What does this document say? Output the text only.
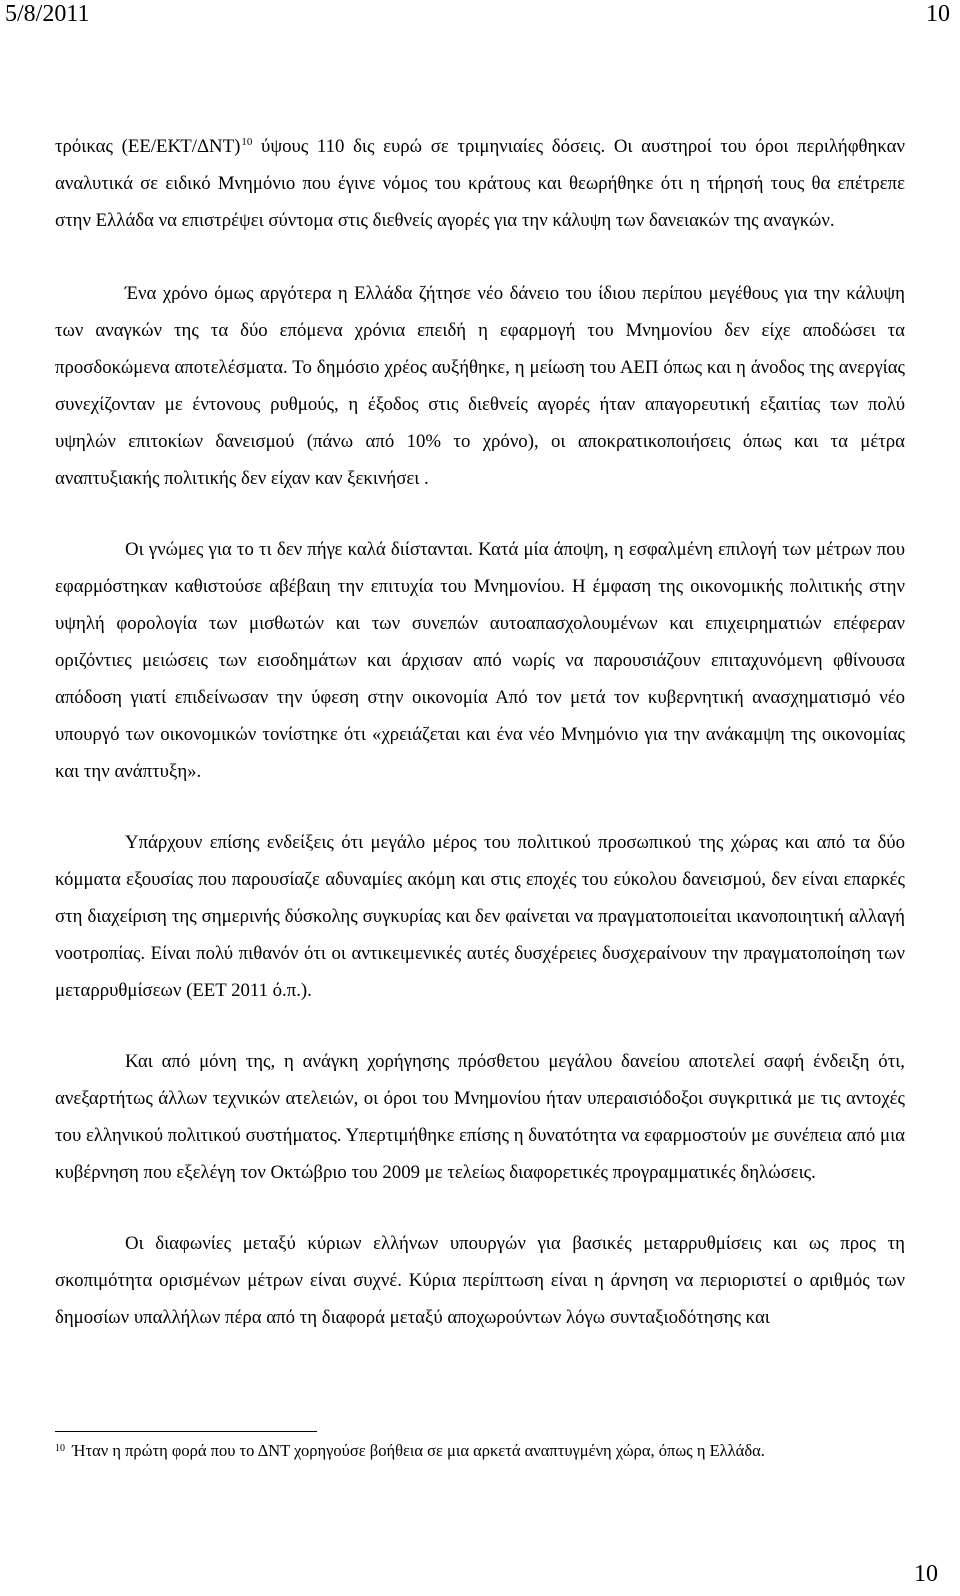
5/8/2011	10

τρόικας $(EE/EKT/\Delta NT)^{10}$ ύψους 110 δις ευρώ σε τριμηνιαίες δόσεις. Οι αυστηροί του όροι περιλήφθηκαν αναλυτικά σε ειδικό Μνημόνιο που έγινε νόμος του κράτους και θεωρήθηκε ότι η τήρησή τους θα επέτρεπε στην Ελλάδα να επιστρέψει σύντομα στις διεθνείς αγορές για την κάλυψη των δανειακών της αναγκών.

Ένα χρόνο όμως αργότερα η Ελλάδα ζήτησε νέο δάνειο του ίδιου περίπου μεγέθους για την κάλυψη των αναγκών της τα δύο επόμενα χρόνια επειδή η εφαρμογή του Μνημονίου δεν είχε αποδώσει τα προσδοκώμενα αποτελέσματα. Το δημόσιο χρέος αυξήθηκε, η μείωση του ΑΕΠ όπως και η άνοδος της ανεργίας συνεχίζονταν με έντονους ρυθμούς, η έξοδος στις διεθνείς αγορές ήταν απαγορευτική εξαιτίας των πολύ υψηλών επιτοκίων δανεισμού (πάνω από 10% το χρόνο), οι αποκρατικοποιήσεις όπως και τα μέτρα αναπτυξιακής πολιτικής δεν είχαν καν ξεκινήσει .

Οι γνώμες για το τι δεν πήγε καλά διίστανται. Κατά μία άποψη, η εσφαλμένη επιλογή των μέτρων που εφαρμόστηκαν καθιστούσε αβέβαιη την επιτυχία του Μνημονίου. Η έμφαση της οικονομικής πολιτικής στην υψηλή φορολογία των μισθωτών και των συνεπών αυτοαπασχολουμένων και επιχειρηματιών επέφεραν οριζόντιες μειώσεις των εισοδημάτων και άρχισαν από νωρίς να παρουσιάζουν επιταχυνόμενη φθίνουσα απόδοση γιατί επιδείνωσαν την ύφεση στην οικονομία Από τον μετά τον κυβερνητική ανασχηματισμό νέο υπουργό των οικονομικών τονίστηκε ότι «χρειάζεται και ένα νέο Μνημόνιο για την ανάκαμψη της οικονομίας και την ανάπτυξη».

Υπάρχουν επίσης ενδείξεις ότι μεγάλο μέρος του πολιτικού προσωπικού της χώρας και από τα δύο κόμματα εξουσίας που παρουσίαζε αδυναμίες ακόμη και στις εποχές του εύκολου δανεισμού, δεν είναι επαρκές στη διαχείριση της σημερινής δύσκολης συγκυρίας και δεν φαίνεται να πραγματοποιείται ικανοποιητική αλλαγή νοοτροπίας. Είναι πολύ πιθανόν ότι οι αντικειμενικές αυτές δυσχέρειες δυσχεραίνουν την πραγματοποίηση των μεταρρυθμίσεων (ΕΕΤ 2011 ό.π.).

Και από μόνη της, η ανάγκη χορήγησης πρόσθετου μεγάλου δανείου αποτελεί σαφή ένδειξη ότι, ανεξαρτήτως άλλων τεχνικών ατελειών, οι όροι του Μνημονίου ήταν υπεραισιόδοξοι συγκριτικά με τις αντοχές του ελληνικού πολιτικού συστήματος. Υπερτιμήθηκε επίσης η δυνατότητα να εφαρμοστούν με συνέπεια από μια κυβέρνηση που εξελέγη τον Οκτώβριο του 2009 με τελείως διαφορετικές προγραμματικές δηλώσεις.

Οι διαφωνίες μεταξύ κύριων ελλήνων υπουργών για βασικές μεταρρυθμίσεις και ως προς τη σκοπιμότητα ορισμένων μέτρων είναι συχνέ. Κύρια περίπτωση είναι η άρνηση να περιοριστεί ο αριθμός των δημοσίων υπαλλήλων πέρα από τη διαφορά μεταξύ αποχωρούντων λόγω συνταξιοδότησης και

$^{10}$ Ήταν η πρώτη φορά που το ΔΝΤ χορηγούσε βοήθεια σε μια αρκετά αναπτυγμένη χώρα, όπως η Ελλάδα.
10
